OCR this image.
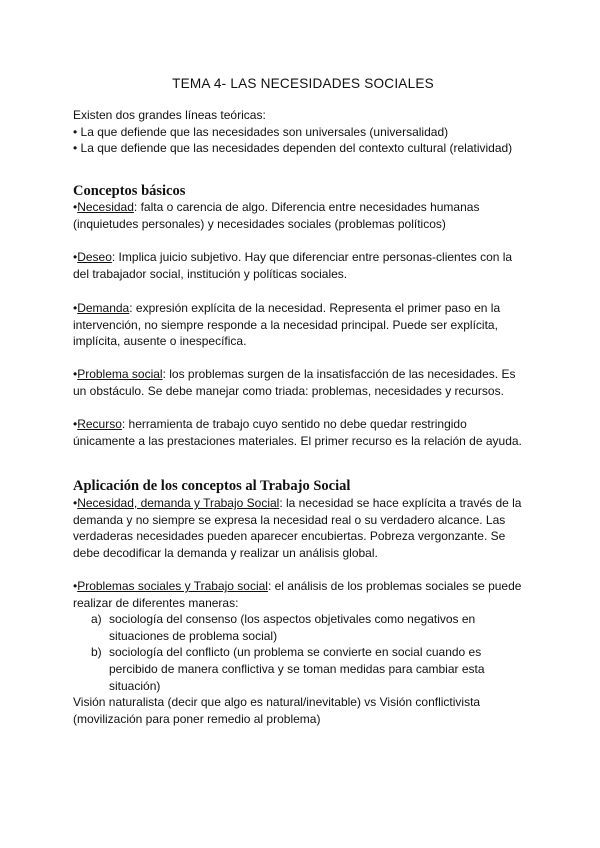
TEMA 4- LAS NECESIDADES SOCIALES

Existen dos grandes líneas teóricas:

• La que defiende que las necesidades son universales (universalidad)

• La que defiende que las necesidades dependen del contexto cultural (relatividad)

Conceptos básicos

•Necesidad: falta o carencia de algo. Diferencia entre necesidades humanas

(inquietudes personales) y necesidades sociales (problemas políticos)

•Deseo: Implica juicio subjetivo. Hay que diferenciar entre personas-clientes con la

del trabajador social, institución y políticas sociales.

•Demanda: expresión explícita de la necesidad. Representa el primer paso en la

intervención, no siempre responde a la necesidad principal. Puede ser explícita,

implícita, ausente o inespecífica.

•Problema social: los problemas surgen de la insatisfacción de las necesidades. Es

un obstáculo. Se debe manejar como triada: problemas, necesidades y recursos.

•Recurso: herramienta de trabajo cuyo sentido no debe quedar restringido

únicamente a las prestaciones materiales. El primer recurso es la relación de ayuda.

Aplicación de los conceptos al Trabajo Social

•Necesidad, demanda y Trabajo Social: la necesidad se hace explícita a través de la

demanda y no siempre se expresa la necesidad real o su verdadero alcance. Las

verdaderas necesidades pueden aparecer encubiertas. Pobreza vergonzante. Se

debe decodificar la demanda y realizar un análisis global.

•Problemas sociales y Trabajo social: el análisis de los problemas sociales se puede

realizar de diferentes maneras:

a) sociología del consenso (los aspectos objetivales como negativos en

situaciones de problema social)

b) sociología del conflicto (un problema se convierte en social cuando es

percibido de manera conflictiva y se toman medidas para cambiar esta

situación)

Visión naturalista (decir que algo es natural/inevitable) vs Visión conflictivista

(movilización para poner remedio al problema)
